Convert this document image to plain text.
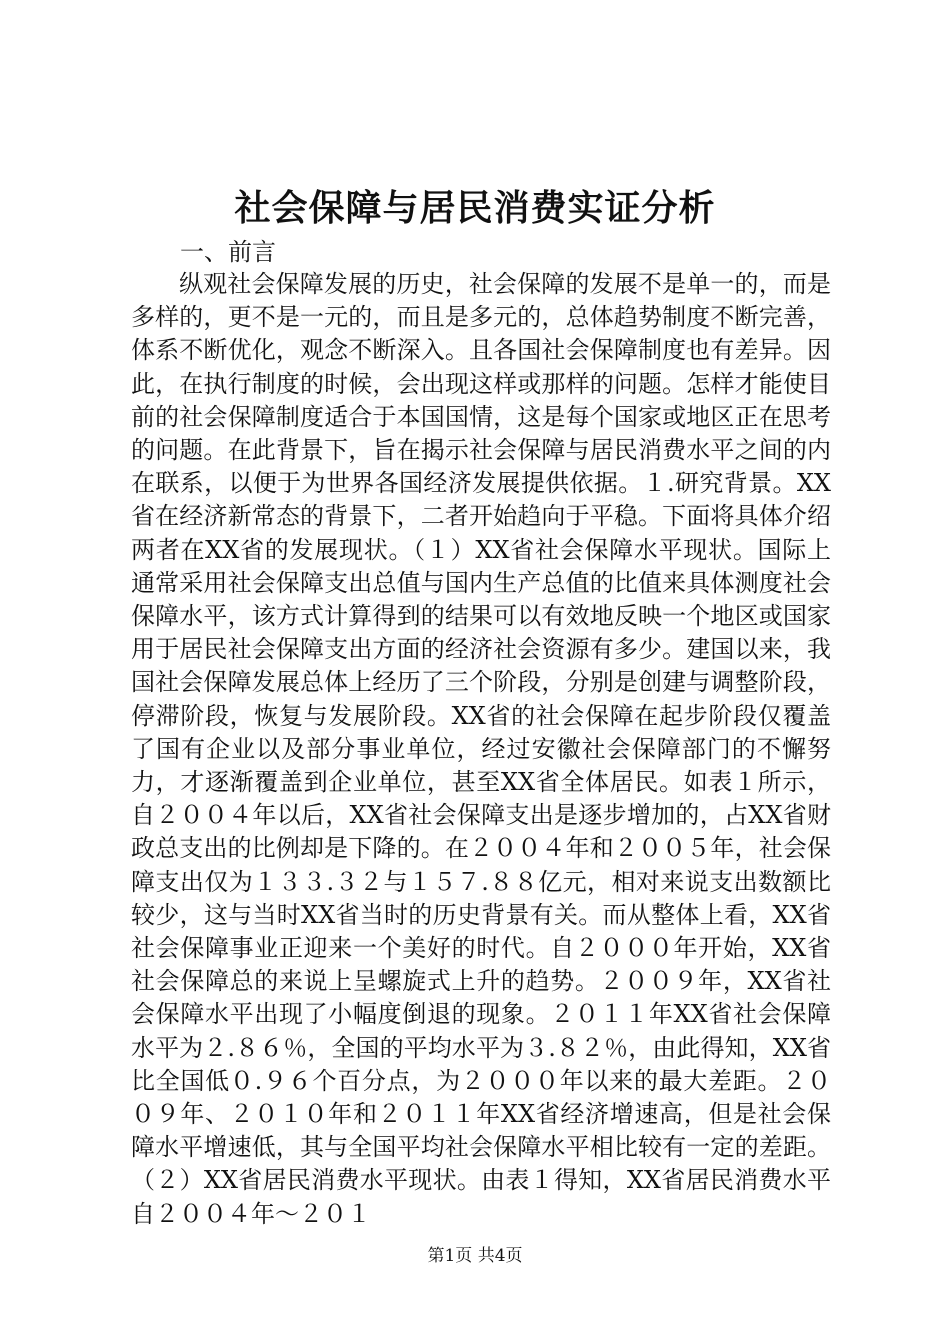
社会保障与居民消费实证分析

一、前言

纵观社会保障发展的历史，社会保障的发展不是单一的，而是多样的，更不是一元的，而且是多元的，总体趋势制度不断完善，体系不断优化，观念不断深入。且各国社会保障制度也有差异。因此，在执行制度的时候，会出现这样或那样的问题。怎样才能使目前的社会保障制度适合于本国国情，这是每个国家或地区正在思考的问题。在此背景下，旨在揭示社会保障与居民消费水平之间的内在联系，以便于为世界各国经济发展提供依据。１.研究背景。XX省在经济新常态的背景下，二者开始趋向于平稳。下面将具体介绍两者在XX省的发展现状。（１）XX省社会保障水平现状。国际上通常采用社会保障支出总值与国内生产总值的比值来具体测度社会保障水平，该方式计算得到的结果可以有效地反映一个地区或国家用于居民社会保障支出方面的经济社会资源有多少。建国以来，我国社会保障发展总体上经历了三个阶段，分别是创建与调整阶段，停滞阶段，恢复与发展阶段。XX省的社会保障在起步阶段仅覆盖了国有企业以及部分事业单位，经过安徽社会保障部门的不懈努力，才逐渐覆盖到企业单位，甚至XX省全体居民。如表１所示，自２００４年以后，XX省社会保障支出是逐步增加的，占XX省财政总支出的比例却是下降的。在２００４年和２００５年，社会保障支出仅为１３３.３２与１５７.８８亿元，相对来说支出数额比较少，这与当时XX省当时的历史背景有关。而从整体上看，XX省社会保障事业正迎来一个美好的时代。自２０００年开始，XX省社会保障总的来说上呈螺旋式上升的趋势。２００９年，XX省社会保障水平出现了小幅度倒退的现象。２０１１年XX省社会保障水平为２.８６％，全国的平均水平为３.８２％，由此得知，XX省比全国低０.９６个百分点，为２０００年以来的最大差距。２００９年、２０１０年和２０１１年XX省经济增速高，但是社会保障水平增速低，其与全国平均社会保障水平相比较有一定的差距。（２）XX省居民消费水平现状。由表１得知，XX省居民消费水平自２００４年～２０１

第1页 共4页
